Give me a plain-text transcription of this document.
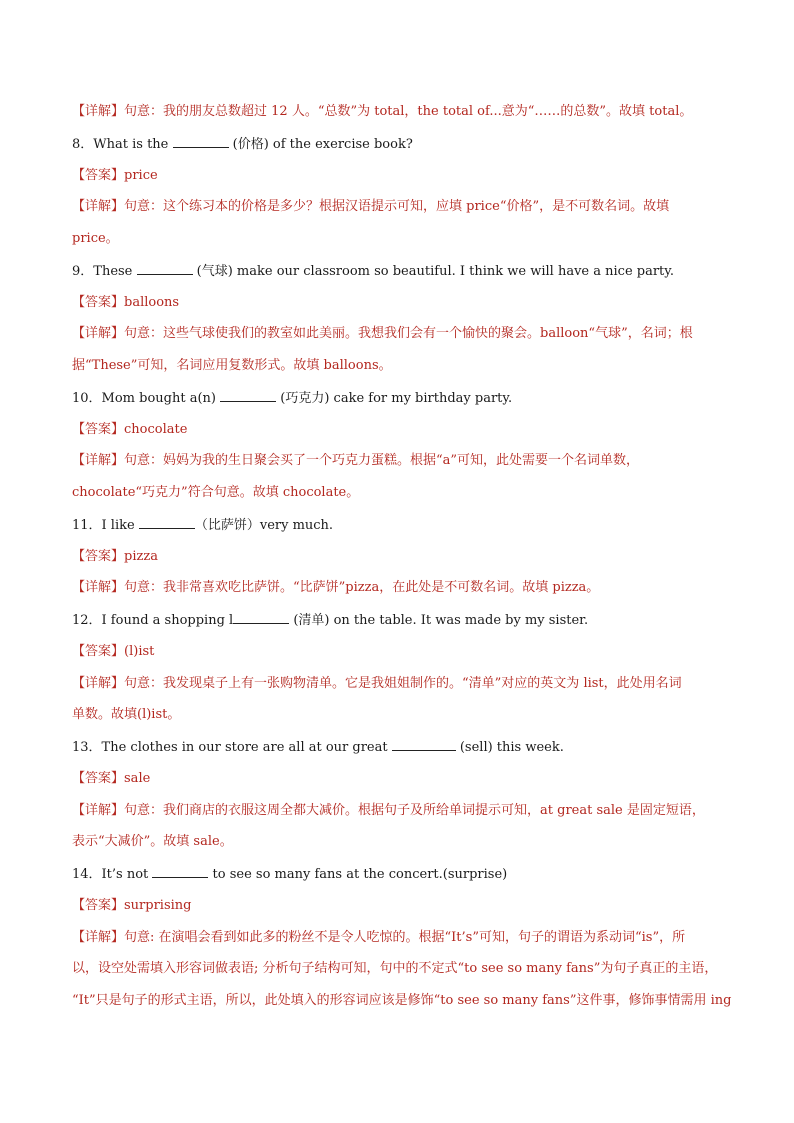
【详解】句意：我的朋友总数超过 12 人。“总数”为 total，the total of...意为“……的总数”。故填 total。
8．What is the	(价格) of the exercise book?
【答案】price
【详解】句意：这个练习本的价格是多少？根据汉语提示可知，应填 price“价格”，是不可数名词。故填
price。
9．These	(气球) make our classroom so beautiful. I think we will have a nice party.
【答案】balloons
【详解】句意：这些气球使我们的教室如此美丽。我想我们会有一个愉快的聚会。balloon“气球”，名词；根
据“These”可知，名词应用复数形式。故填 balloons。
10．Mom bought a(n)	(巧克力) cake for my birthday party.
【答案】chocolate
【详解】句意：妈妈为我的生日聚会买了一个巧克力蛋糕。根据“a”可知，此处需要一个名词单数，
chocolate“巧克力”符合句意。故填 chocolate。
11．I like	（比萨饼）very much.
【答案】pizza
【详解】句意：我非常喜欢吃比萨饼。“比萨饼”pizza，在此处是不可数名词。故填 pizza。
12．I found a shopping l	(清单) on the table. It was made by my sister.
【答案】(l)ist
【详解】句意：我发现桌子上有一张购物清单。它是我姐姐制作的。“清单”对应的英文为 list，此处用名词
单数。故填(l)ist。
13．The clothes in our store are all at our great	(sell) this week.
【答案】sale
【详解】句意：我们商店的衣服这周全都大减价。根据句子及所给单词提示可知，at great sale 是固定短语，
表示“大减价”。故填 sale。
14．It’s not	to see so many fans at the concert.(surprise)
【答案】surprising
【详解】句意: 在演唱会看到如此多的粉丝不是令人吃惊的。根据“It’s”可知，句子的谓语为系动词“is”，所
以，设空处需填入形容词做表语; 分析句子结构可知，句中的不定式“to see so many fans”为句子真正的主语，
“It”只是句子的形式主语，所以，此处填入的形容词应该是修饰“to see so many fans”这件事，修饰事情需用 ing
